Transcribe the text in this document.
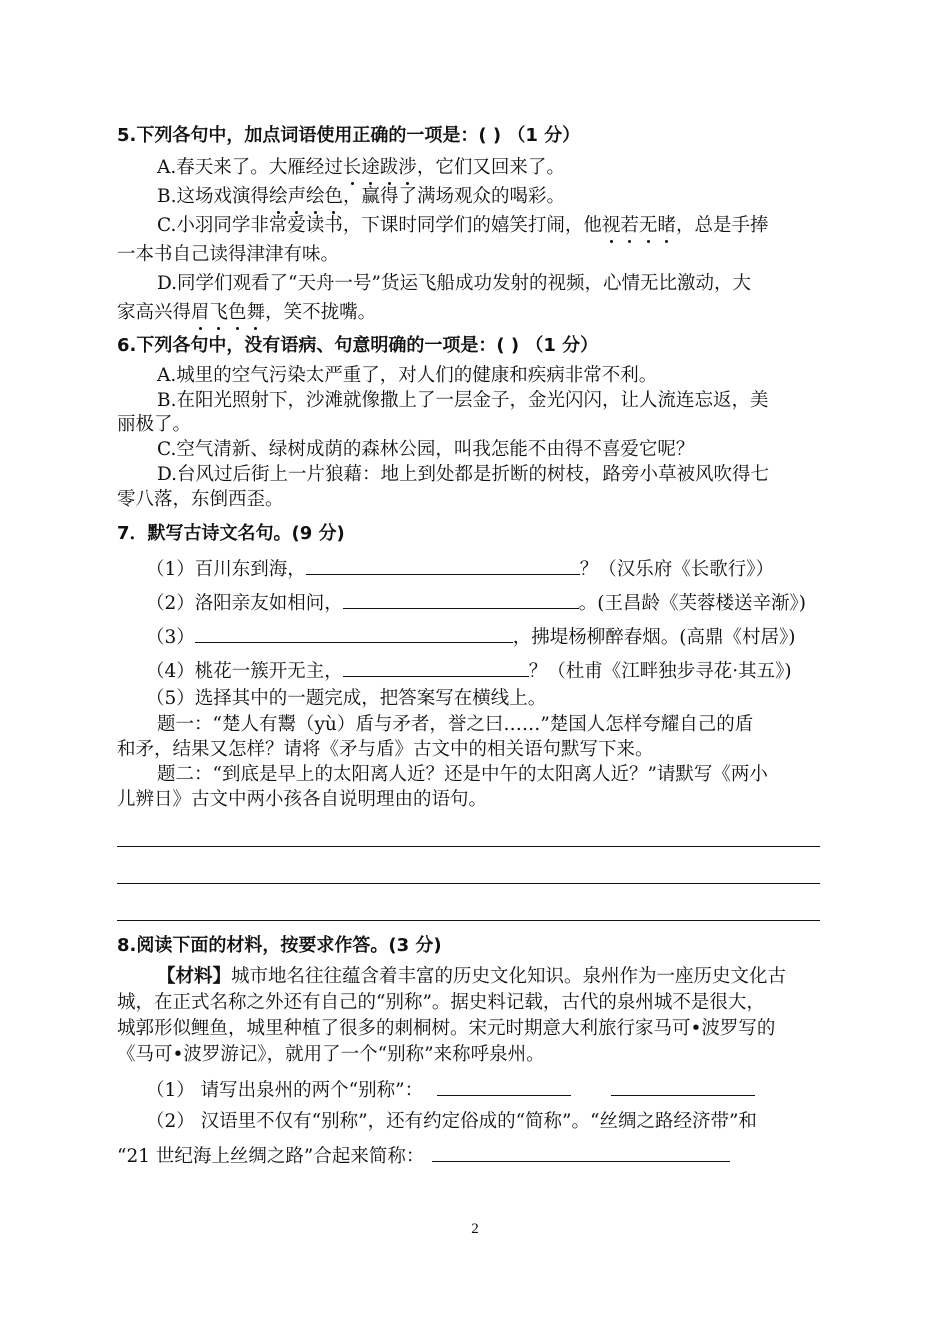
5.下列各句中，加点词语使用正确的一项是：( ) （1 分）
A.春天来了。大雁经过长途跋涉，它们又回来了。
B.这场戏演得绘声绘色，赢得了满场观众的喝彩。
C.小羽同学非常爱读书，下课时同学们的嬉笑打闹，他视若无睹，总是手捧
一本书自己读得津津有味。
D.同学们观看了“天舟一号”货运飞船成功发射的视频，心情无比激动，大
家高兴得眉飞色舞，笑不拢嘴。
6.下列各句中，没有语病、句意明确的一项是：( ) （1 分）
A.城里的空气污染太严重了，对人们的健康和疾病非常不利。
B.在阳光照射下，沙滩就像撒上了一层金子，金光闪闪，让人流连忘返，美
丽极了。
C.空气清新、绿树成荫的森林公园，叫我怎能不由得不喜爱它呢？
D.台风过后街上一片狼藉：地上到处都是折断的树枝，路旁小草被风吹得七
零八落，东倒西歪。
7．默写古诗文名句。(9 分)
（1）百川东到海，	？（汉乐府《长歌行》）
（2）洛阳亲友如相问，	。(王昌龄《芙蓉楼送辛渐》)
（3）	，拂堤杨柳醉春烟。(高鼎《村居》)
（4）桃花一簇开无主，	？（杜甫《江畔独步寻花·其五》)
（5）选择其中的一题完成，把答案写在横线上。
题一：“楚人有鬻（yù）盾与矛者，誉之曰……”楚国人怎样夸耀自己的盾
和矛，结果又怎样？请将《矛与盾》古文中的相关语句默写下来。
题二：“到底是早上的太阳离人近？还是中午的太阳离人近？”请默写《两小
儿辨日》古文中两小孩各自说明理由的语句。
8.阅读下面的材料，按要求作答。(3 分)
【材料】城市地名往往蕴含着丰富的历史文化知识。泉州作为一座历史文化古
城，在正式名称之外还有自己的“别称”。据史料记载，古代的泉州城不是很大，
城郭形似鲤鱼，城里种植了很多的刺桐树。宋元时期意大利旅行家马可•波罗写的
《马可•波罗游记》，就用了一个“别称”来称呼泉州。
（1） 请写出泉州的两个“别称”：
（2） 汉语里不仅有“别称”，还有约定俗成的“简称”。“丝绸之路经济带”和
“21 世纪海上丝绸之路”合起来简称：
2
